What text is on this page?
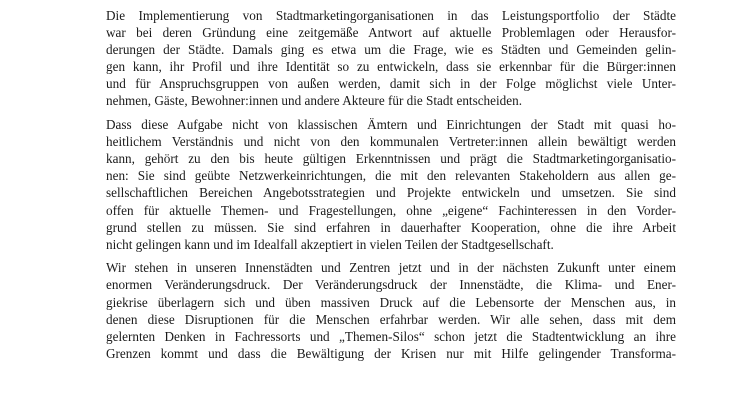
Die Implementierung von Stadtmarketingorganisationen in das Leistungsportfolio der Städte
war bei deren Gründung eine zeitgemäße Antwort auf aktuelle Problemlagen oder Herausfor-
derungen der Städte. Damals ging es etwa um die Frage, wie es Städten und Gemeinden gelin-
gen kann, ihr Profil und ihre Identität so zu entwickeln, dass sie erkennbar für die Bürger:innen
und für Anspruchsgruppen von außen werden, damit sich in der Folge möglichst viele Unter-
nehmen, Gäste, Bewohner:innen und andere Akteure für die Stadt entscheiden.

Dass diese Aufgabe nicht von klassischen Ämtern und Einrichtungen der Stadt mit quasi ho-
heitlichem Verständnis und nicht von den kommunalen Vertreter:innen allein bewältigt werden
kann, gehört zu den bis heute gültigen Erkenntnissen und prägt die Stadtmarketingorganisatio-
nen: Sie sind geübte Netzwerkeinrichtungen, die mit den relevanten Stakeholdern aus allen ge-
sellschaftlichen Bereichen Angebotsstrategien und Projekte entwickeln und umsetzen. Sie sind
offen für aktuelle Themen- und Fragestellungen, ohne „eigene“ Fachinteressen in den Vorder-
grund stellen zu müssen. Sie sind erfahren in dauerhafter Kooperation, ohne die ihre Arbeit
nicht gelingen kann und im Idealfall akzeptiert in vielen Teilen der Stadtgesellschaft.

Wir stehen in unseren Innenstädten und Zentren jetzt und in der nächsten Zukunft unter einem
enormen Veränderungsdruck. Der Veränderungsdruck der Innenstädte, die Klima- und Ener-
giekrise überlagern sich und üben massiven Druck auf die Lebensorte der Menschen aus, in
denen diese Disruptionen für die Menschen erfahrbar werden. Wir alle sehen, dass mit dem
gelernten Denken in Fachressorts und „Themen-Silos“ schon jetzt die Stadtentwicklung an ihre
Grenzen kommt und dass die Bewältigung der Krisen nur mit Hilfe gelingender Transforma-
